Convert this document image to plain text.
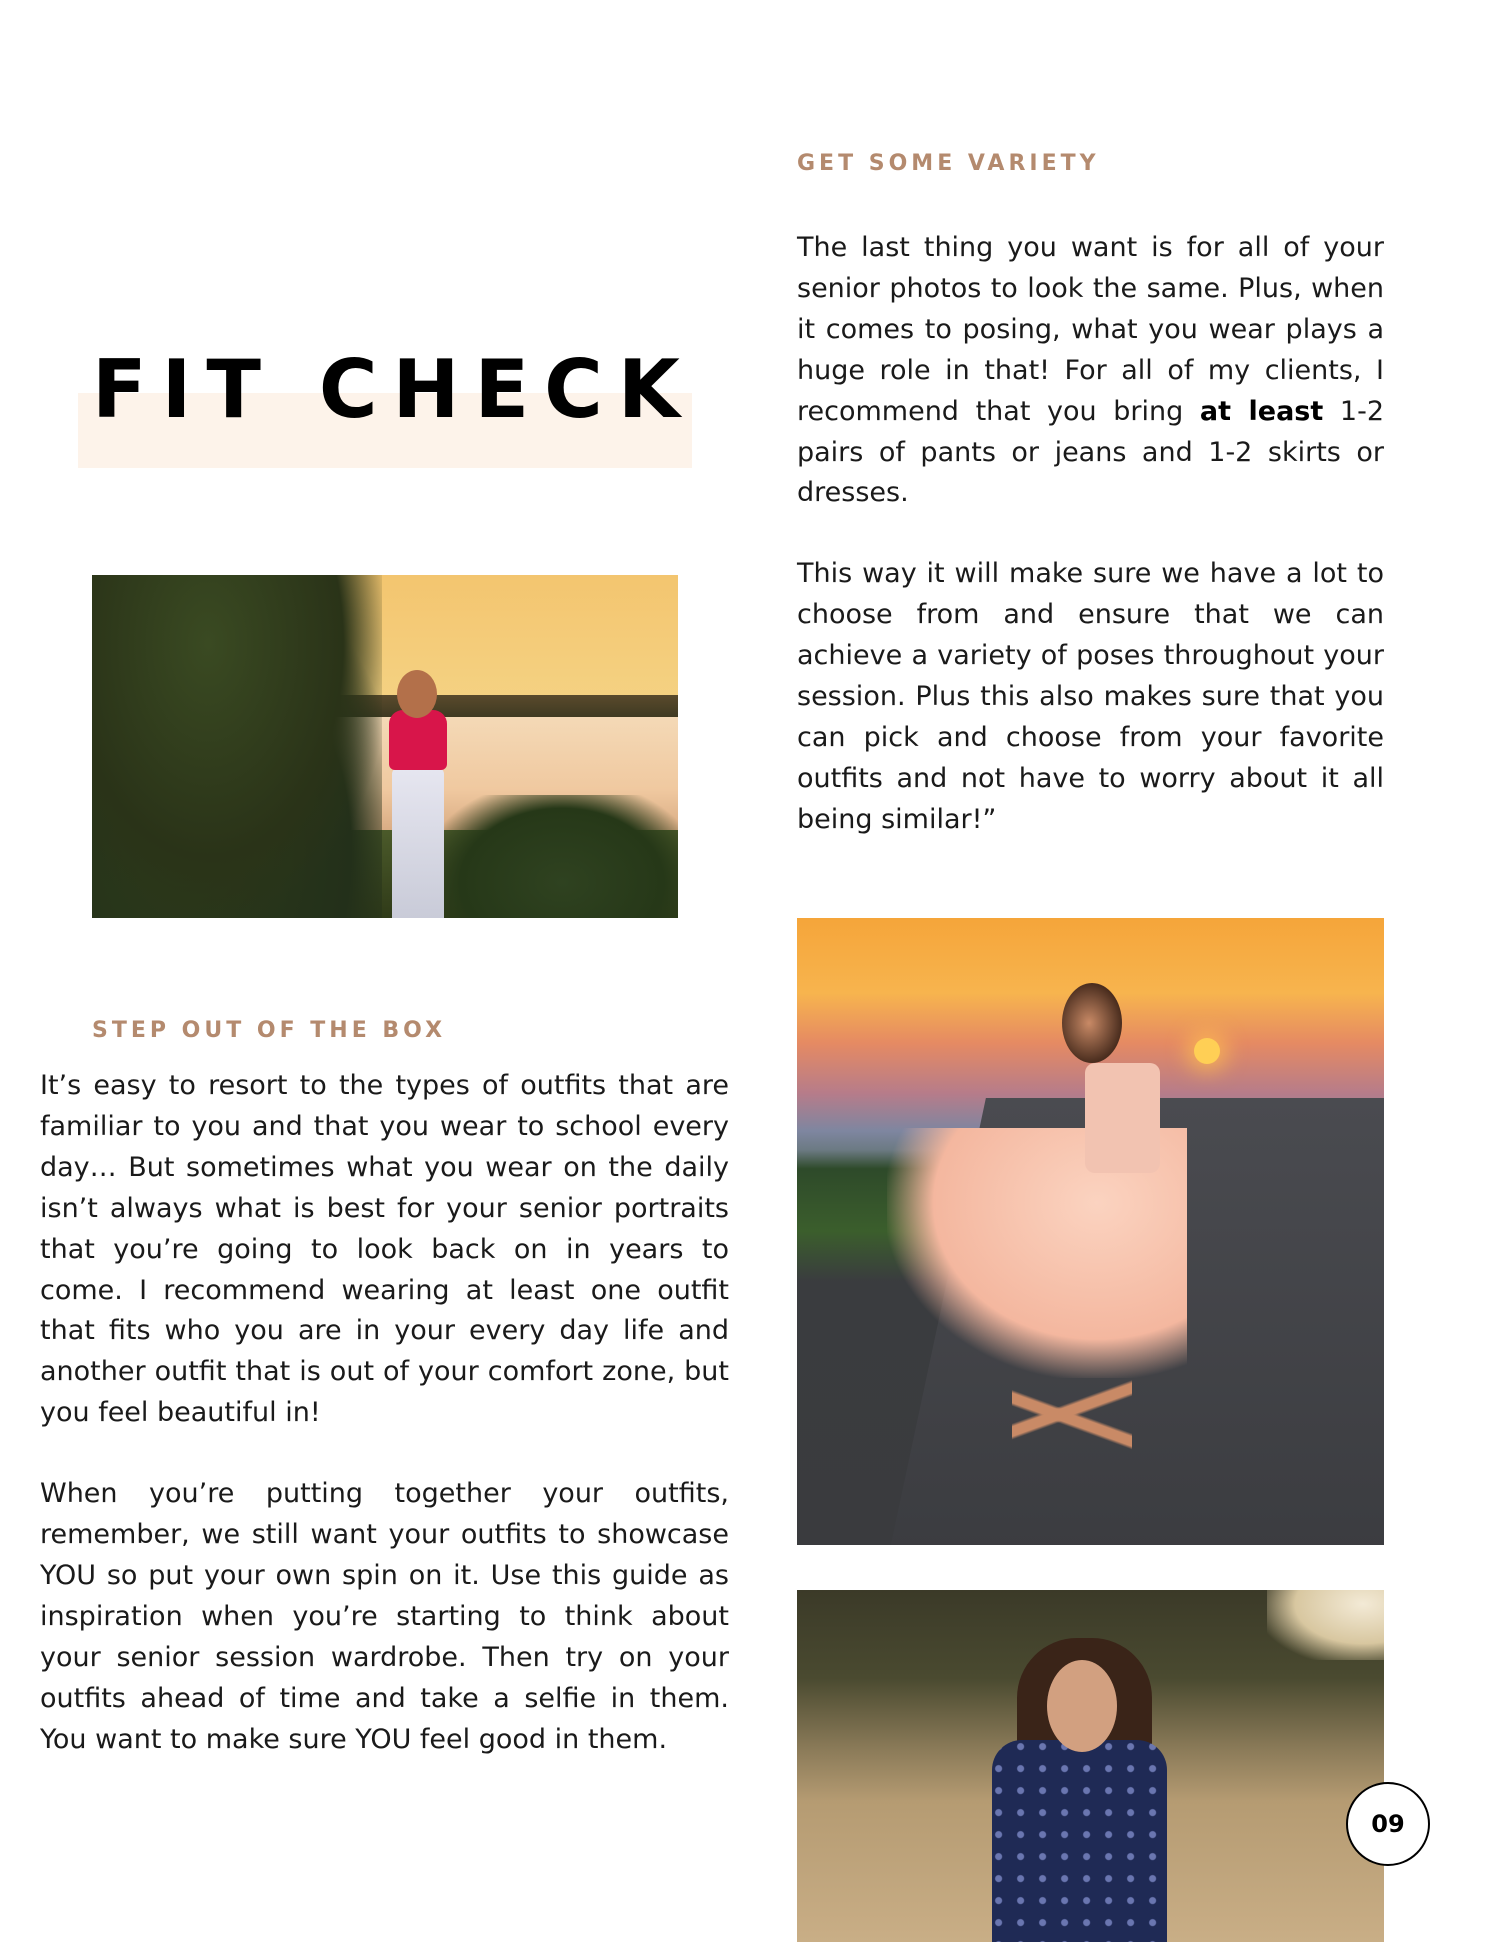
FIT CHECK
GET SOME VARIETY

The last thing you want is for all of your senior photos to look the same. Plus, when it comes to posing, what you wear plays a huge role in that! For all of my clients, I recommend that you bring at least 1-2 pairs of pants or jeans and 1-2 skirts or dresses.

This way it will make sure we have a lot to choose from and ensure that we can achieve a variety of poses throughout your session. Plus this also makes sure that you can pick and choose from your favorite outfits and not have to worry about it all being similar!”

STEP OUT OF THE BOX

It’s easy to resort to the types of outfits that are familiar to you and that you wear to school every day… But sometimes what you wear on the daily isn’t always what is best for your senior portraits that you’re going to look back on in years to come. I recommend wearing at least one outfit that fits who you are in your every day life and another outfit that is out of your comfort zone, but you feel beautiful in!

When you’re putting together your outfits, remember, we still want your outfits to showcase YOU so put your own spin on it. Use this guide as inspiration when you’re starting to think about your senior session wardrobe. Then try on your outfits ahead of time and take a selfie in them. You want to make sure YOU feel good in them.

09
